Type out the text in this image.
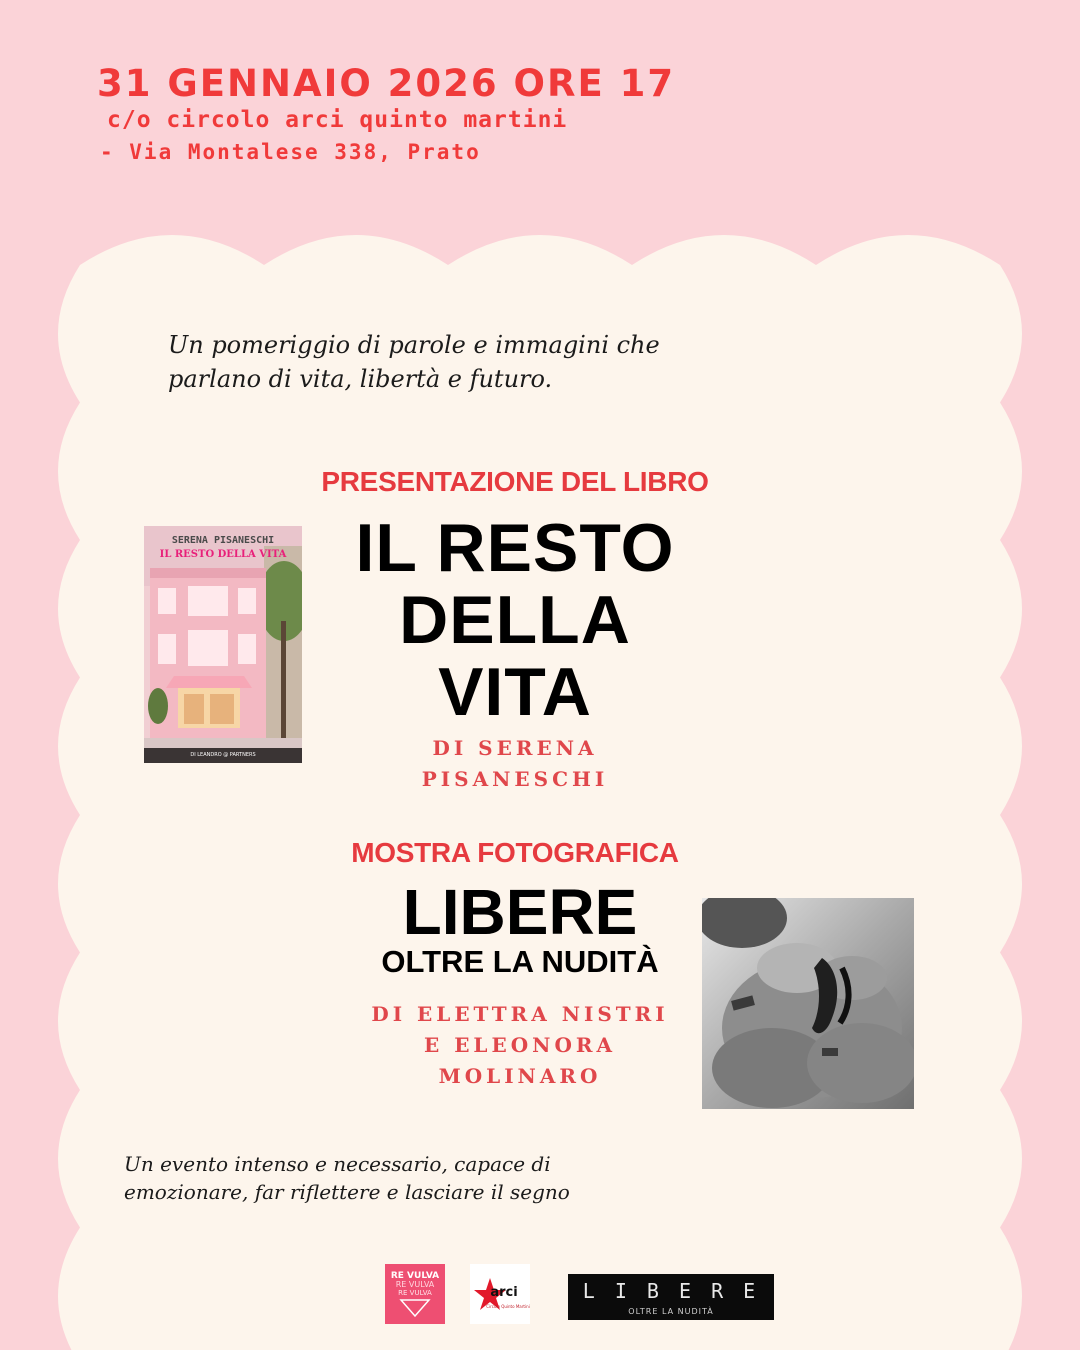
31 GENNAIO 2026 ORE 17
c/o circolo arci quinto martini
- Via Montalese 338, Prato
Un pomeriggio di parole e immagini che parlano di vita, libertà e futuro.
PRESENTAZIONE DEL LIBRO
DI LEANDRO @ PARTNERS
SERENA PISANESCHI
IL RESTO DELLA VITA	IL RESTO
DELLA
VITA
DI SERENA
PISANESCHI
MOSTRA FOTOGRAFICA
LIBERE
OLTRE LA NUDITÀ
DI ELETTRA NISTRI
E ELEONORA
MOLINARO
Un evento intenso e necessario, capace di emozionare, far riflettere e lasciare il segno
RE VULVA
RE VULVA
RE VULVA	arci
Circolo Quinto Martini
L I B E R E
OLTRE LA NUDITÀ
